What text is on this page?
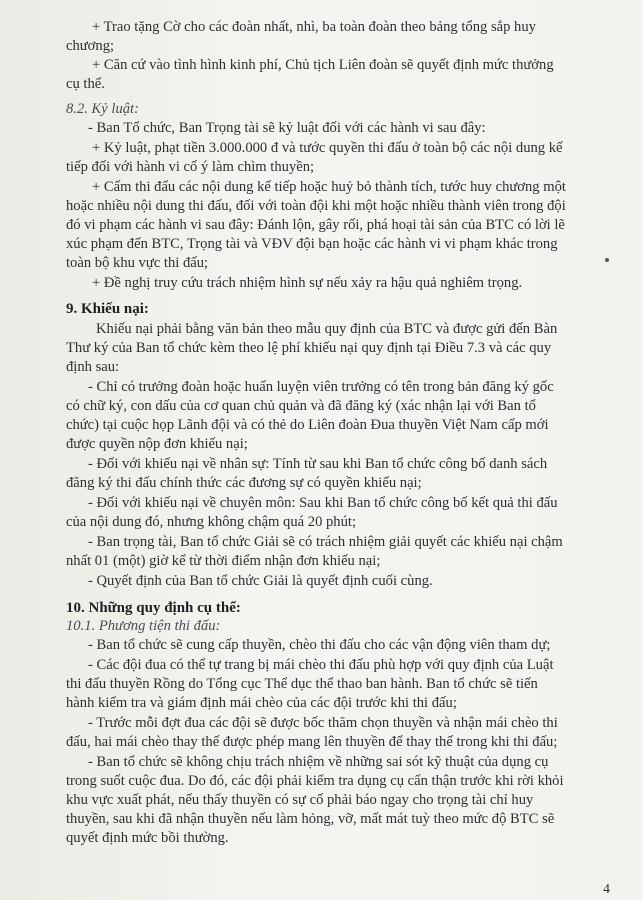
+ Trao tặng Cờ cho các đoàn nhất, nhì, ba toàn đoàn theo bảng tổng sắp huy
chương;
+ Căn cứ vào tình hình kinh phí, Chủ tịch Liên đoàn sẽ quyết định mức thưởng
cụ thể.
8.2. Kỷ luật:
- Ban Tổ chức, Ban Trọng tài sẽ kỷ luật đối với các hành vi sau đây:
+ Kỷ luật, phạt tiền 3.000.000 đ và tước quyền thi đấu ở toàn bộ các nội dung kế
tiếp đối với hành vi cố ý làm chìm thuyền;
+ Cấm thi đấu các nội dung kế tiếp hoặc huỷ bỏ thành tích, tước huy chương một
hoặc nhiều nội dung thi đấu, đối với toàn đội khi một hoặc nhiều thành viên trong đội
đó vi phạm các hành vi sau đây: Đánh lộn, gây rối, phá hoại tài sản của BTC có lời lẽ
xúc phạm đến BTC, Trọng tài và VĐV đội bạn hoặc các hành vi vi phạm khác trong
toàn bộ khu vực thi đấu;
+ Đề nghị truy cứu trách nhiệm hình sự nếu xảy ra hậu quả nghiêm trọng.
9. Khiếu nại:
Khiếu nại phải bằng văn bản theo mẫu quy định của BTC và được gửi đến Bàn
Thư ký của Ban tổ chức kèm theo lệ phí khiếu nại quy định tại Điều 7.3 và các quy
định sau:
- Chỉ có trưởng đoàn hoặc huấn luyện viên trưởng có tên trong bản đăng ký gốc
có chữ ký, con dấu của cơ quan chủ quản và đã đăng ký (xác nhận lại với Ban tổ
chức) tại cuộc họp Lãnh đội và có thẻ do Liên đoàn Đua thuyền Việt Nam cấp mới
được quyền nộp đơn khiếu nại;
- Đối với khiếu nại về nhân sự: Tính từ sau khi Ban tổ chức công bố danh sách
đăng ký thi đấu chính thức các đương sự có quyền khiếu nại;
- Đối với khiếu nại về chuyên môn: Sau khi Ban tổ chức công bố kết quả thi đấu
của nội dung đó, nhưng không chậm quá 20 phút;
- Ban trọng tài, Ban tổ chức Giải sẽ có trách nhiệm giải quyết các khiếu nại chậm
nhất 01 (một) giờ kể từ thời điểm nhận đơn khiếu nại;
- Quyết định của Ban tổ chức Giải là quyết định cuối cùng.
10. Những quy định cụ thể:
10.1. Phương tiện thi đấu:
- Ban tổ chức sẽ cung cấp thuyền, chèo thi đấu cho các vận động viên tham dự;
- Các đội đua có thể tự trang bị mái chèo thi đấu phù hợp với quy định của Luật
thi đấu thuyền Rồng do Tổng cục Thể dục thể thao ban hành. Ban tổ chức sẽ tiến
hành kiểm tra và giám định mái chèo của các đội trước khi thi đấu;
- Trước mỗi đợt đua các đội sẽ được bốc thăm chọn thuyền và nhận mái chèo thi
đấu, hai mái chèo thay thế được phép mang lên thuyền để thay thế trong khi thi đấu;
- Ban tổ chức sẽ không chịu trách nhiệm về những sai sót kỹ thuật của dụng cụ
trong suốt cuộc đua. Do đó, các đội phải kiểm tra dụng cụ cẩn thận trước khi rời khỏi
khu vực xuất phát, nếu thấy thuyền có sự cố phải báo ngay cho trọng tài chỉ huy
thuyền, sau khi đã nhận thuyền nếu làm hỏng, vỡ, mất mát tuỳ theo mức độ BTC sẽ
quyết định mức bồi thường.
4
